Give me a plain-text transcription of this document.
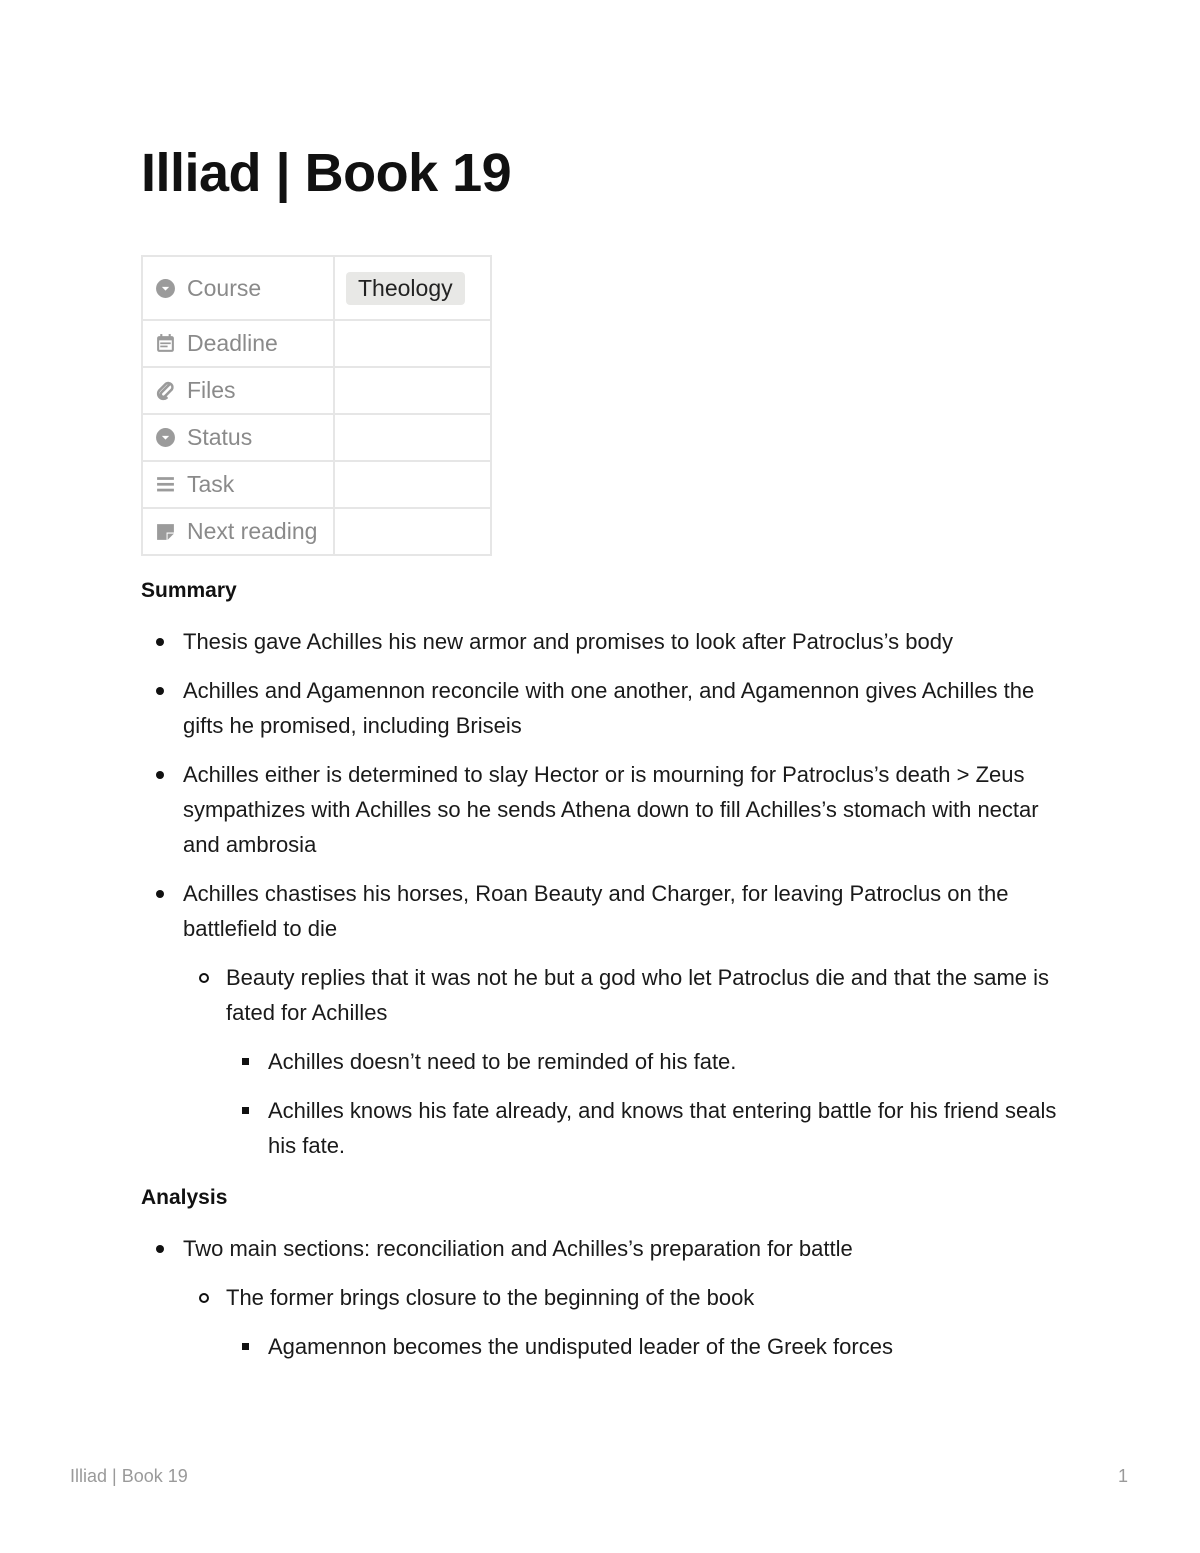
Illiad | Book 19
Course	Theology

Deadline	

Files	

Status	

Task	

Next reading	

Summary
Thesis gave Achilles his new armor and promises to look after Patroclus’s body
Achilles and Agamennon reconcile with one another, and Agamennon gives Achilles the gifts he promised, including Briseis
Achilles either is determined to slay Hector or is mourning for Patroclus’s death > Zeus sympathizes with Achilles so he sends Athena down to fill Achilles’s stomach with nectar and ambrosia
Achilles chastises his horses, Roan Beauty and Charger, for leaving Patroclus on the battlefield to die
Beauty replies that it was not he but a god who let Patroclus die and that the same is fated for Achilles
Achilles doesn’t need to be reminded of his fate.
Achilles knows his fate already, and knows that entering battle for his friend seals his fate.
Analysis
Two main sections: reconciliation and Achilles’s preparation for battle
The former brings closure to the beginning of the book
Agamennon becomes the undisputed leader of the Greek forces
Illiad | Book 19	1
